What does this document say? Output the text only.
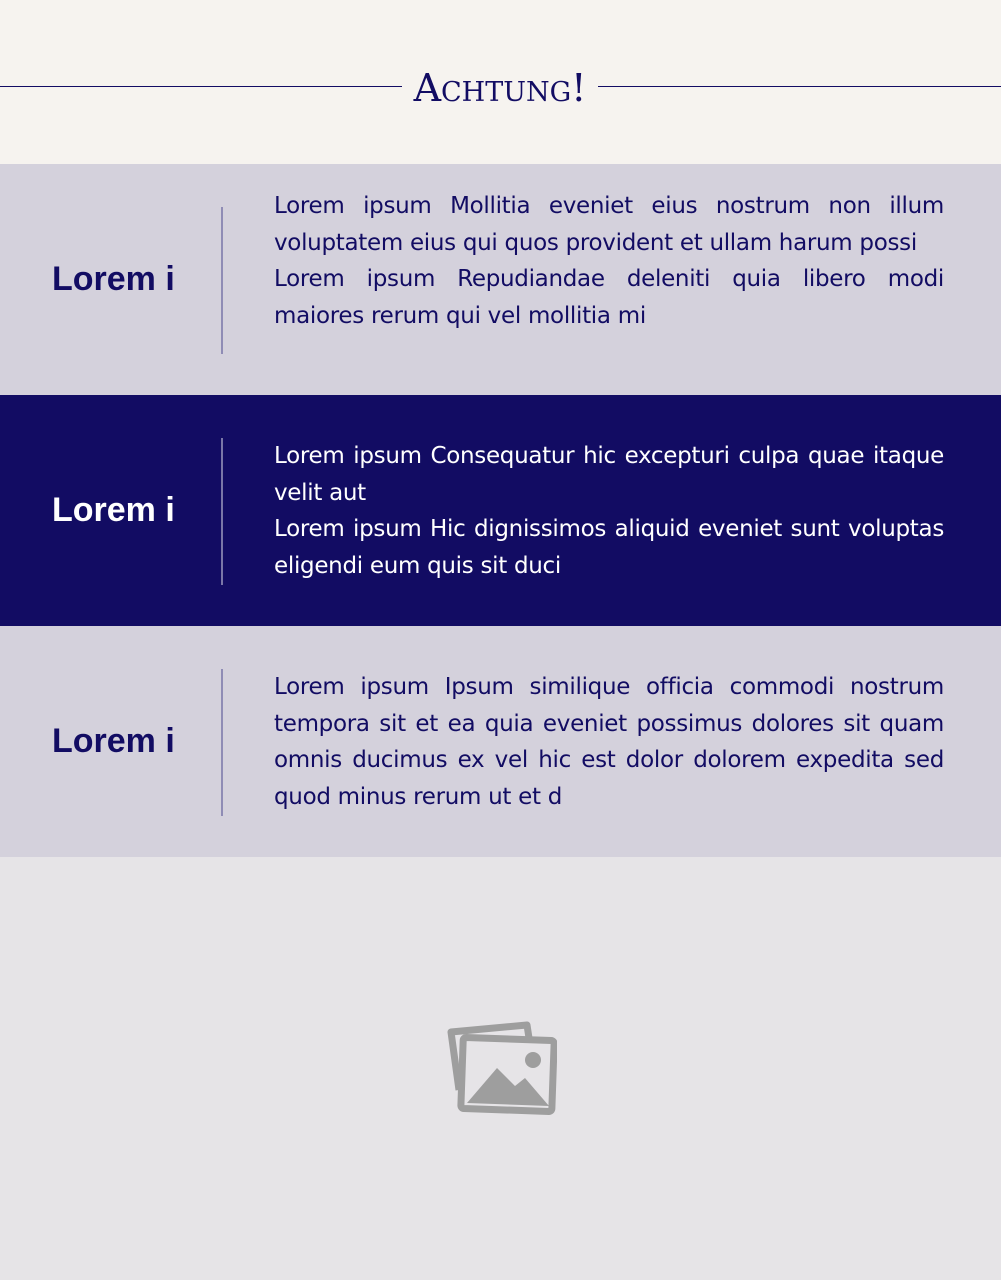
Achtung!
Lorem i

Lorem ipsum Mollitia eveniet eius nostrum non illum voluptatem eius qui quos provident et ullam harum possi

Lorem ipsum Repudiandae deleniti quia libero modi maiores rerum qui vel mollitia mi

Lorem i

Lorem ipsum Consequatur hic excepturi culpa quae itaque velit aut

Lorem ipsum Hic dignissimos aliquid eveniet sunt voluptas eligendi eum quis sit duci

Lorem i

Lorem ipsum Ipsum similique officia commodi nostrum tempora sit et ea quia eveniet possimus dolores sit quam omnis ducimus ex vel hic est dolor dolorem expedita sed quod minus rerum ut et d
